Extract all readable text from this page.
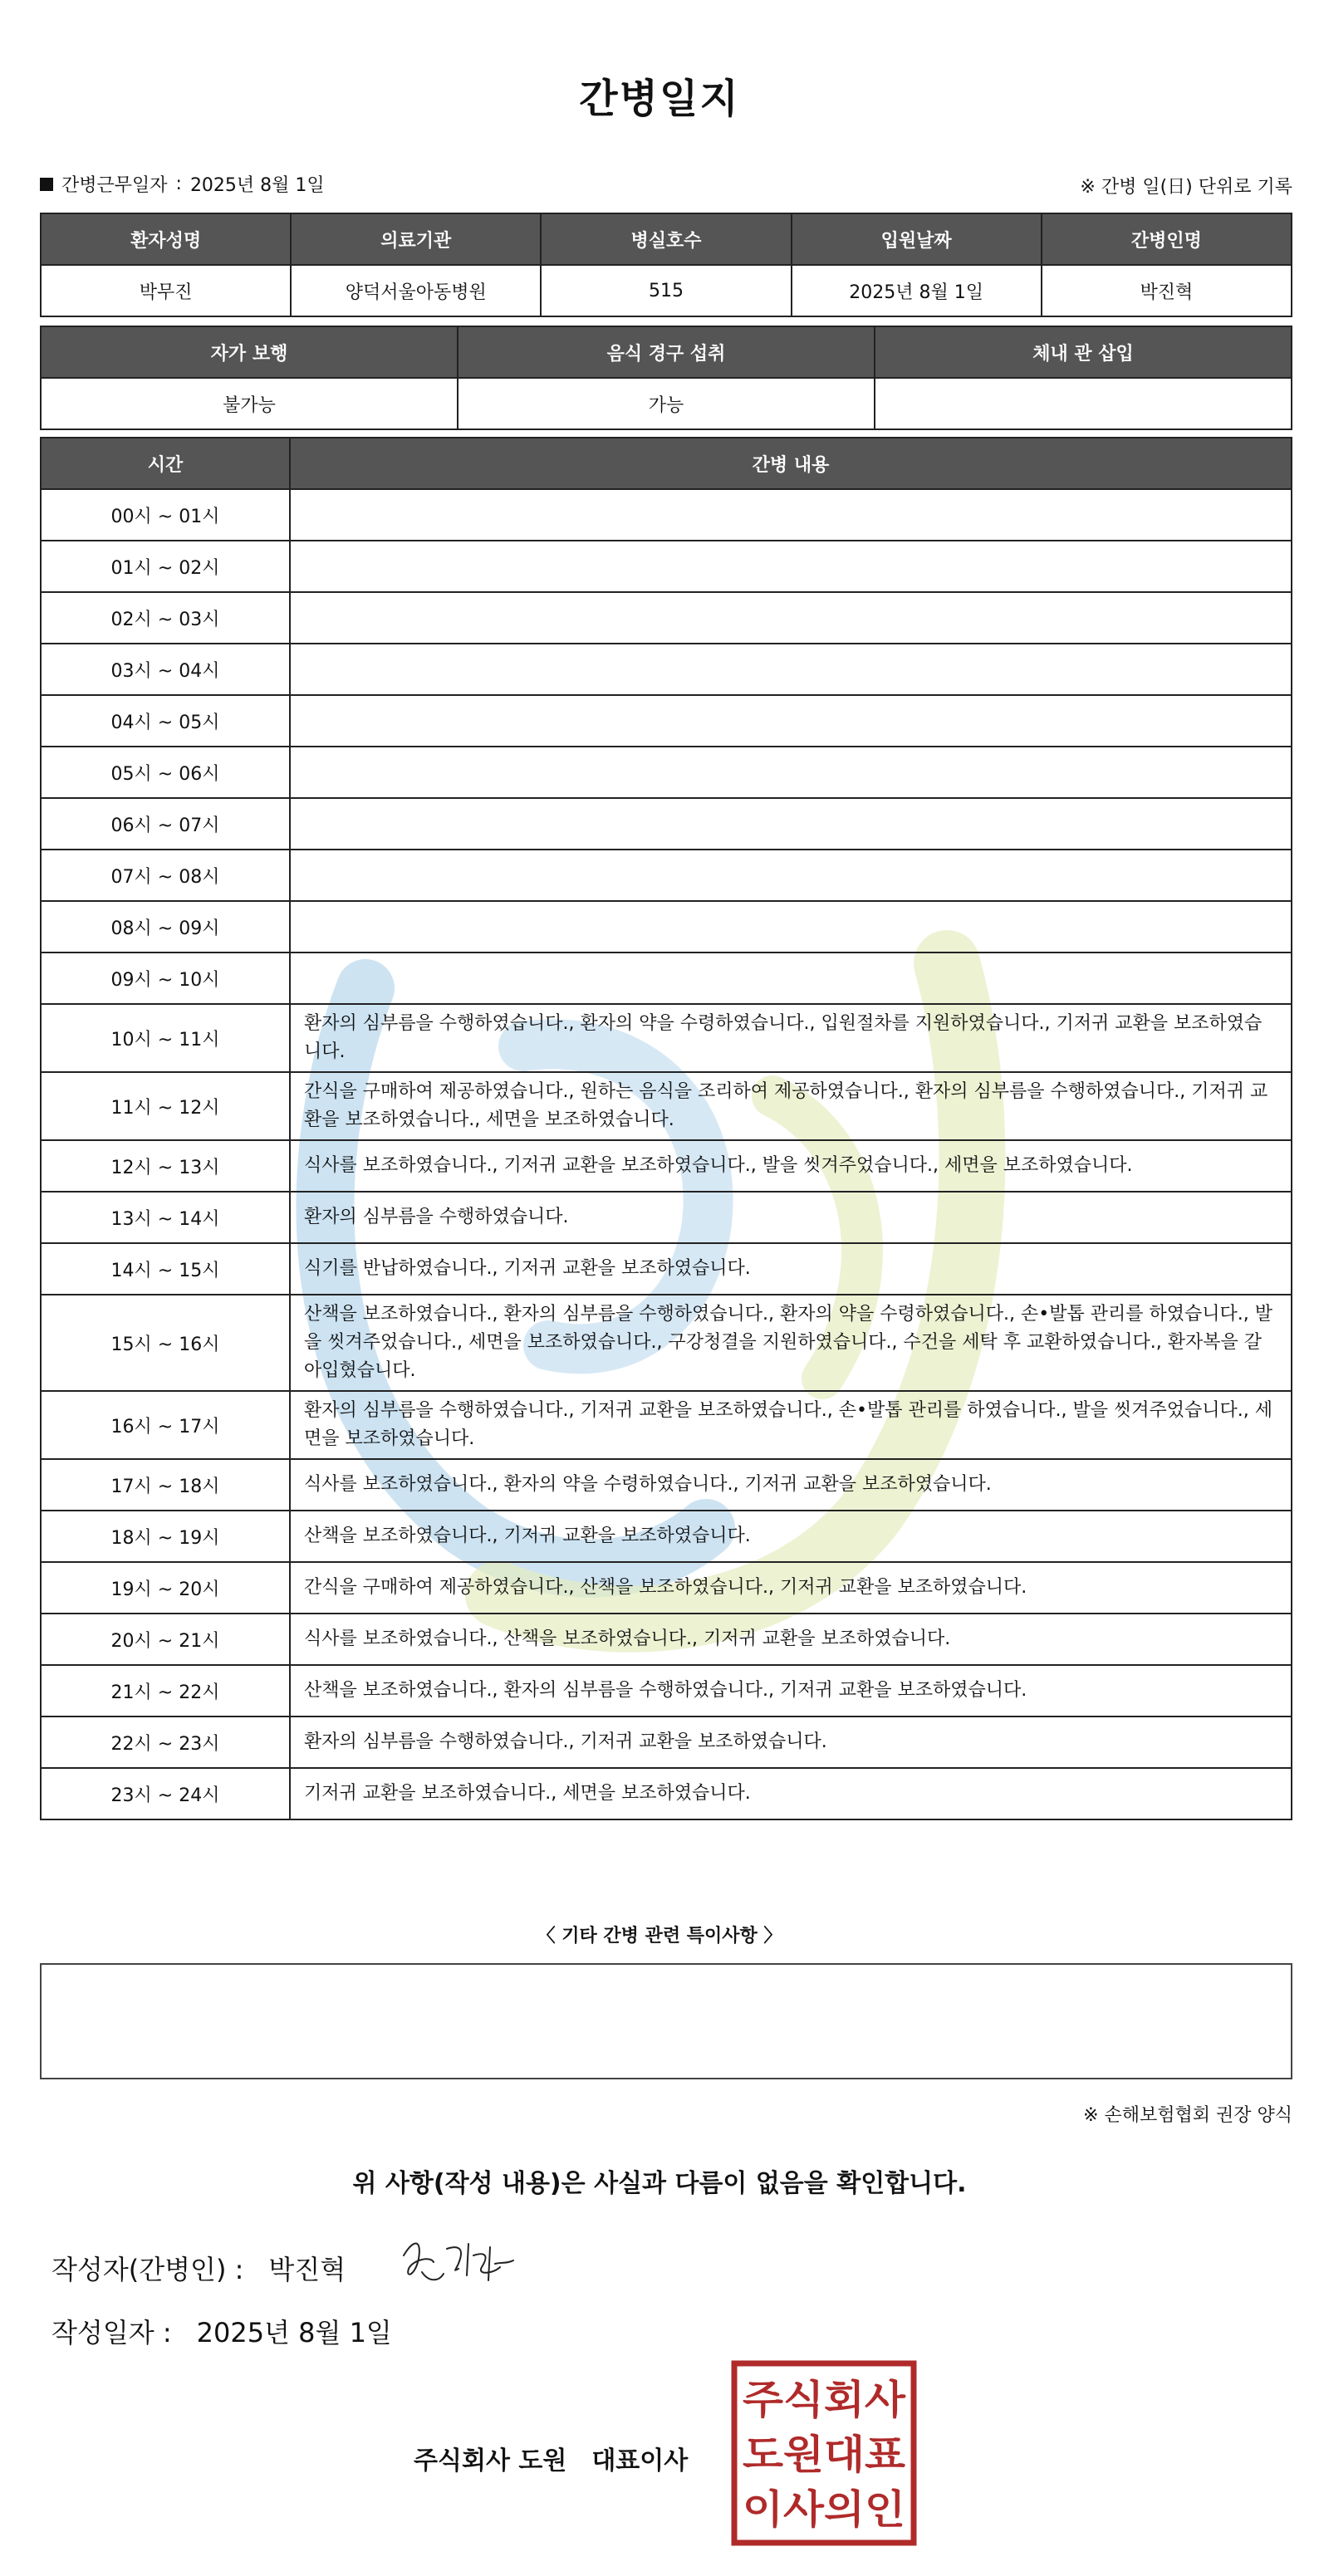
간병일지
간병근무일자 : 2025년 8월 1일	※ 간병 일(日) 단위로 기록
환자성명	의료기관	병실호수	입원날짜	간병인명
박무진	양덕서울아동병원	515	2025년 8월 1일	박진혁
자가 보행	음식 경구 섭취	체내 관 삽입
불가능	가능	
시간	간병 내용
00시 ~ 01시	
01시 ~ 02시	
02시 ~ 03시	
03시 ~ 04시	
04시 ~ 05시	
05시 ~ 06시	
06시 ~ 07시	
07시 ~ 08시	
08시 ~ 09시	
09시 ~ 10시	
10시 ~ 11시	환자의 심부름을 수행하였습니다., 환자의 약을 수령하였습니다., 입원절차를 지원하였습니다., 기저귀 교환을 보조하였습니다.
11시 ~ 12시	간식을 구매하여 제공하였습니다., 원하는 음식을 조리하여 제공하였습니다., 환자의 심부름을 수행하였습니다., 기저귀 교환을 보조하였습니다., 세면을 보조하였습니다.
12시 ~ 13시	식사를 보조하였습니다., 기저귀 교환을 보조하였습니다., 발을 씻겨주었습니다., 세면을 보조하였습니다.
13시 ~ 14시	환자의 심부름을 수행하였습니다.
14시 ~ 15시	식기를 반납하였습니다., 기저귀 교환을 보조하였습니다.
15시 ~ 16시	산책을 보조하였습니다., 환자의 심부름을 수행하였습니다., 환자의 약을 수령하였습니다., 손•발톱 관리를 하였습니다., 발을 씻겨주었습니다., 세면을 보조하였습니다., 구강청결을 지원하였습니다., 수건을 세탁 후 교환하였습니다., 환자복을 갈아입혔습니다.
16시 ~ 17시	환자의 심부름을 수행하였습니다., 기저귀 교환을 보조하였습니다., 손•발톱 관리를 하였습니다., 발을 씻겨주었습니다., 세면을 보조하였습니다.
17시 ~ 18시	식사를 보조하였습니다., 환자의 약을 수령하였습니다., 기저귀 교환을 보조하였습니다.
18시 ~ 19시	산책을 보조하였습니다., 기저귀 교환을 보조하였습니다.
19시 ~ 20시	간식을 구매하여 제공하였습니다., 산책을 보조하였습니다., 기저귀 교환을 보조하였습니다.
20시 ~ 21시	식사를 보조하였습니다., 산책을 보조하였습니다., 기저귀 교환을 보조하였습니다.
21시 ~ 22시	산책을 보조하였습니다., 환자의 심부름을 수행하였습니다., 기저귀 교환을 보조하였습니다.
22시 ~ 23시	환자의 심부름을 수행하였습니다., 기저귀 교환을 보조하였습니다.
23시 ~ 24시	기저귀 교환을 보조하였습니다., 세면을 보조하였습니다.
〈 기타 간병 관련 특이사항 〉
※ 손해보험협회 권장 양식
위 사항(작성 내용)은 사실과 다름이 없음을 확인합니다.
작성자(간병인) : 박진혁
작성일자 : 2025년 8월 1일
주식회사 도원 대표이사
주식회사
도원대표
이사의인
